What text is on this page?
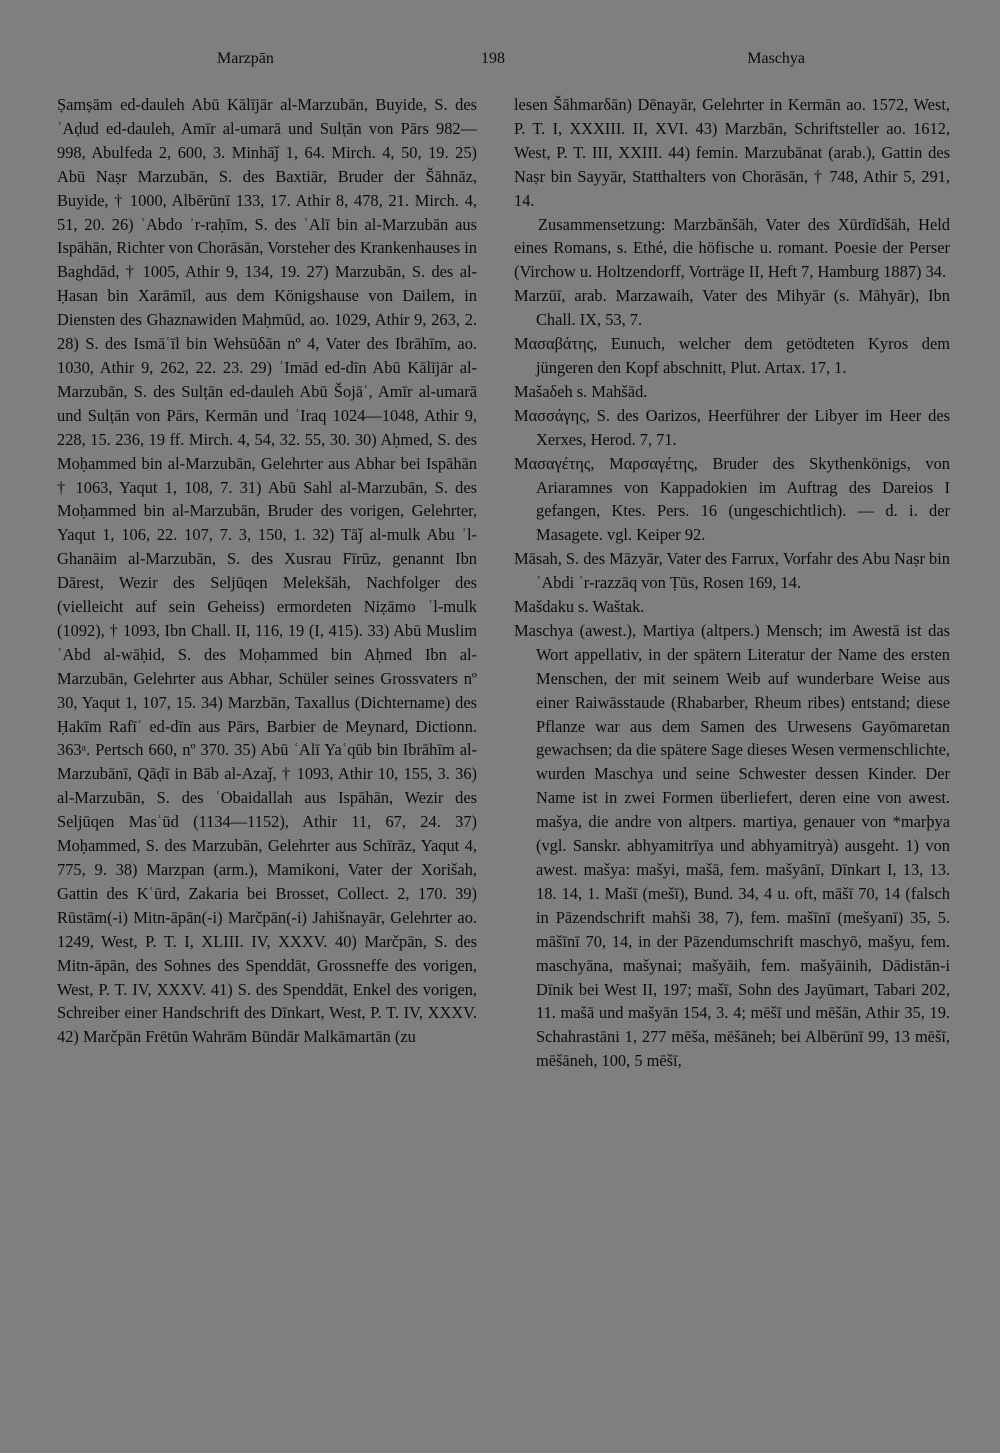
Marzpān	198	Maschya

Ṣamṣām ed-dauleh Abū Kālījār al-Marzubān, Buyide, S. des ʿAḍud ed-dauleh, Amīr al-umarā und Sulṭān von Pārs 982—998, Abulfeda 2, 600, 3. Minhāǰ 1, 64. Mirch. 4, 50, 19. 25) Abū Naṣr Marzubān, S. des Baxtiār, Bruder der Šāhnāz, Buyide, † 1000, Albērūnī 133, 17. Athir 8, 478, 21. Mirch. 4, 51, 20. 26) ʿAbdo ʾr-raḥīm, S. des ʿAlī bin al-Marzubān aus Ispāhān, Richter von Chorāsān, Vorsteher des Krankenhauses in Baghdād, † 1005, Athir 9, 134, 19. 27) Marzubān, S. des al-Ḥasan bin Xarāmīl, aus dem Königshause von Dailem, in Diensten des Ghaznawiden Maḥmūd, ao. 1029, Athir 9, 263, 2. 28) S. des Ismāʿīl bin Wehsūδān nº 4, Vater des Ibrāhīm, ao. 1030, Athir 9, 262, 22. 23. 29) ʿImād ed-dīn Abū Kālījār al-Marzubān, S. des Sulṭān ed-dauleh Abū Šojāʿ, Amīr al-umarā und Sulṭān von Pārs, Kermān und ʿIraq 1024—1048, Athir 9, 228, 15. 236, 19 ff. Mirch. 4, 54, 32. 55, 30. 30) Aḥmed, S. des Moḥammed bin al-Marzubān, Gelehrter aus Abhar bei Ispāhān † 1063, Yaqut 1, 108, 7. 31) Abū Sahl al-Marzubān, S. des Moḥammed bin al-Marzubān, Bruder des vorigen, Gelehrter, Yaqut 1, 106, 22. 107, 7. 3, 150, 1. 32) Tāǰ al-mulk Abu ʾl-Ghanāim al-Marzubān, S. des Xusrau Fīrūz, genannt Ibn Dārest, Wezir des Seljūqen Melekšāh, Nachfolger des (vielleicht auf sein Geheiss) ermordeten Niẓāmo ʾl-mulk (1092), † 1093, Ibn Chall. II, 116, 19 (I, 415). 33) Abū Muslim ʿAbd al-wāḥid, S. des Moḥammed bin Aḥmed Ibn al-Marzubān, Gelehrter aus Abhar, Schüler seines Grossvaters nº 30, Yaqut 1, 107, 15. 34) Marzbān, Taxallus (Dichtername) des Ḥakīm Rafīʿ ed-dīn aus Pārs, Barbier de Meynard, Dictionn. 363ᵃ. Pertsch 660, nº 370. 35) Abū ʿAlī Yaʿqūb bin Ibrāhīm al-Marzubānī, Qāḍī in Bāb al-Azaǰ, † 1093, Athir 10, 155, 3. 36) al-Marzubān, S. des ʿObaidallah aus Ispāhān, Wezir des Seljūqen Masʿūd (1134—1152), Athir 11, 67, 24. 37) Moḥammed, S. des Marzubān, Gelehrter aus Schīrāz, Yaqut 4, 775, 9. 38) Marzpan (arm.), Mamikoni, Vater der Xorišah, Gattin des Kʿūrd, Zakaria bei Brosset, Collect. 2, 170. 39) Rūstām(-i) Mitn-āpān(-i) Marčpān(-i) Jahišnayār, Gelehrter ao. 1249, West, P. T. I, XLIII. IV, XXXV. 40) Marčpān, S. des Mitn-āpān, des Sohnes des Spenddāt, Grossneffe des vorigen, West, P. T. IV, XXXV. 41) S. des Spenddāt, Enkel des vorigen, Schreiber einer Handschrift des Dīnkart, West, P. T. IV, XXXV. 42) Marčpān Frētūn Wahrām Būndār Malkāmartān (zu

lesen Šāhmarδān) Dēnayār, Gelehrter in Kermān ao. 1572, West, P. T. I, XXXIII. II, XVI. 43) Marzbān, Schriftsteller ao. 1612, West, P. T. III, XXIII. 44) femin. Marzubānat (arab.), Gattin des Naṣr bin Sayyār, Statthalters von Chorāsān, † 748, Athir 5, 291, 14.

Zusammensetzung: Marzbānšāh, Vater des Xūrdīdšāh, Held eines Romans, s. Ethé, die höfische u. romant. Poesie der Perser (Virchow u. Holtzendorff, Vorträge II, Heft 7, Hamburg 1887) 34.

Marzūī, arab. Marzawaih, Vater des Mihyār (s. Māhyār), Ibn Chall. IX, 53, 7.

Μασαβάτης, Eunuch, welcher dem getödteten Kyros dem jüngeren den Kopf abschnitt, Plut. Artax. 17, 1.

Mašaδeh s. Mahšād.

Μασσάγης, S. des Oarizos, Heerführer der Libyer im Heer des Xerxes, Herod. 7, 71.

Μασαγέτης, Μαρσαγέτης, Bruder des Skythenkönigs, von Ariaramnes von Kappadokien im Auftrag des Dareios I gefangen, Ktes. Pers. 16 (ungeschichtlich). — d. i. der Masagete. vgl. Keiper 92.

Māsah, S. des Māzyār, Vater des Farrux, Vorfahr des Abu Naṣr bin ʿAbdi ʾr-razzāq von Ṭūs, Rosen 169, 14.

Mašdaku s. Waštak.

Maschya (awest.), Martiya (altpers.) Mensch; im Awestā ist das Wort appellativ, in der spätern Literatur der Name des ersten Menschen, der mit seinem Weib auf wunderbare Weise aus einer Raiwāsstaude (Rhabarber, Rheum ribes) entstand; diese Pflanze war aus dem Samen des Urwesens Gayōmaretan gewachsen; da die spätere Sage dieses Wesen vermenschlichte, wurden Maschya und seine Schwester dessen Kinder. Der Name ist in zwei Formen überliefert, deren eine von awest. mašya, die andre von altpers. martiya, genauer von *marþya (vgl. Sanskr. abhyamitrīya und abhyamitryà) ausgeht. 1) von awest. mašya: mašyi, mašā, fem. mašyānī, Dīnkart I, 13, 13. 18. 14, 1. Mašī (mešī), Bund. 34, 4 u. oft, māšī 70, 14 (falsch in Pāzendschrift mahši 38, 7), fem. mašīnī (mešyanī) 35, 5. māšīnī 70, 14, in der Pāzendumschrift maschyō, mašyu, fem. maschyāna, mašynai; mašyāih, fem. mašyāinih, Dādistān-i Dīnik bei West II, 197; mašī, Sohn des Jayūmart, Tabari 202, 11. mašā und mašyān 154, 3. 4; mēšī und mēšān, Athir 35, 19. Schahrastāni 1, 277 mēša, mēšāneh; bei Albērūnī 99, 13 mēšī, mēšāneh, 100, 5 mēšī,
